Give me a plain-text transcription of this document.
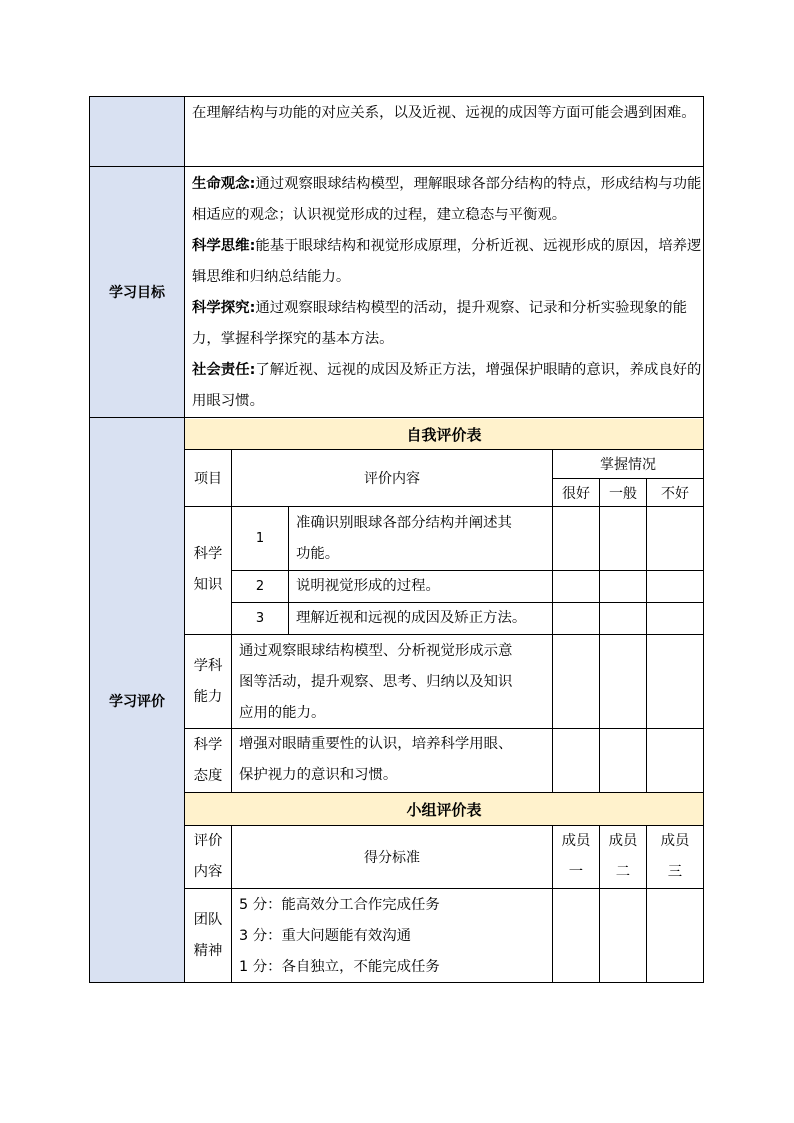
学习目标
学习评价
在理解结构与功能的对应关系，以及近视、远视的成因等方面可能会遇到困难。
生命观念:通过观察眼球结构模型，理解眼球各部分结构的特点，形成结构与功能相适应的观念；认识视觉形成的过程，建立稳态与平衡观。
科学思维:能基于眼球结构和视觉形成原理，分析近视、远视形成的原因，培养逻辑思维和归纳总结能力。
科学探究:通过观察眼球结构模型的活动，提升观察、记录和分析实验现象的能力，掌握科学探究的基本方法。
社会责任:了解近视、远视的成因及矫正方法，增强保护眼睛的意识，养成良好的用眼习惯。
自我评价表
项目	评价内容
掌握情况
很好 一般 不好
科学
知识
1
准确识别眼球各部分结构并阐述其
功能。
2 说明视觉形成的过程。
3 理解近视和远视的成因及矫正方法。
学科
能力
通过观察眼球结构模型、分析视觉形成示意
图等活动，提升观察、思考、归纳以及知识
应用的能力。
科学
态度
增强对眼睛重要性的认识，培养科学用眼、
保护视力的意识和习惯。
小组评价表
评价
内容
得分标准
成员
一
成员
二
成员
三
团队
精神
5 分：能高效分工合作完成任务
3 分：重大问题能有效沟通
1 分：各自独立，不能完成任务
